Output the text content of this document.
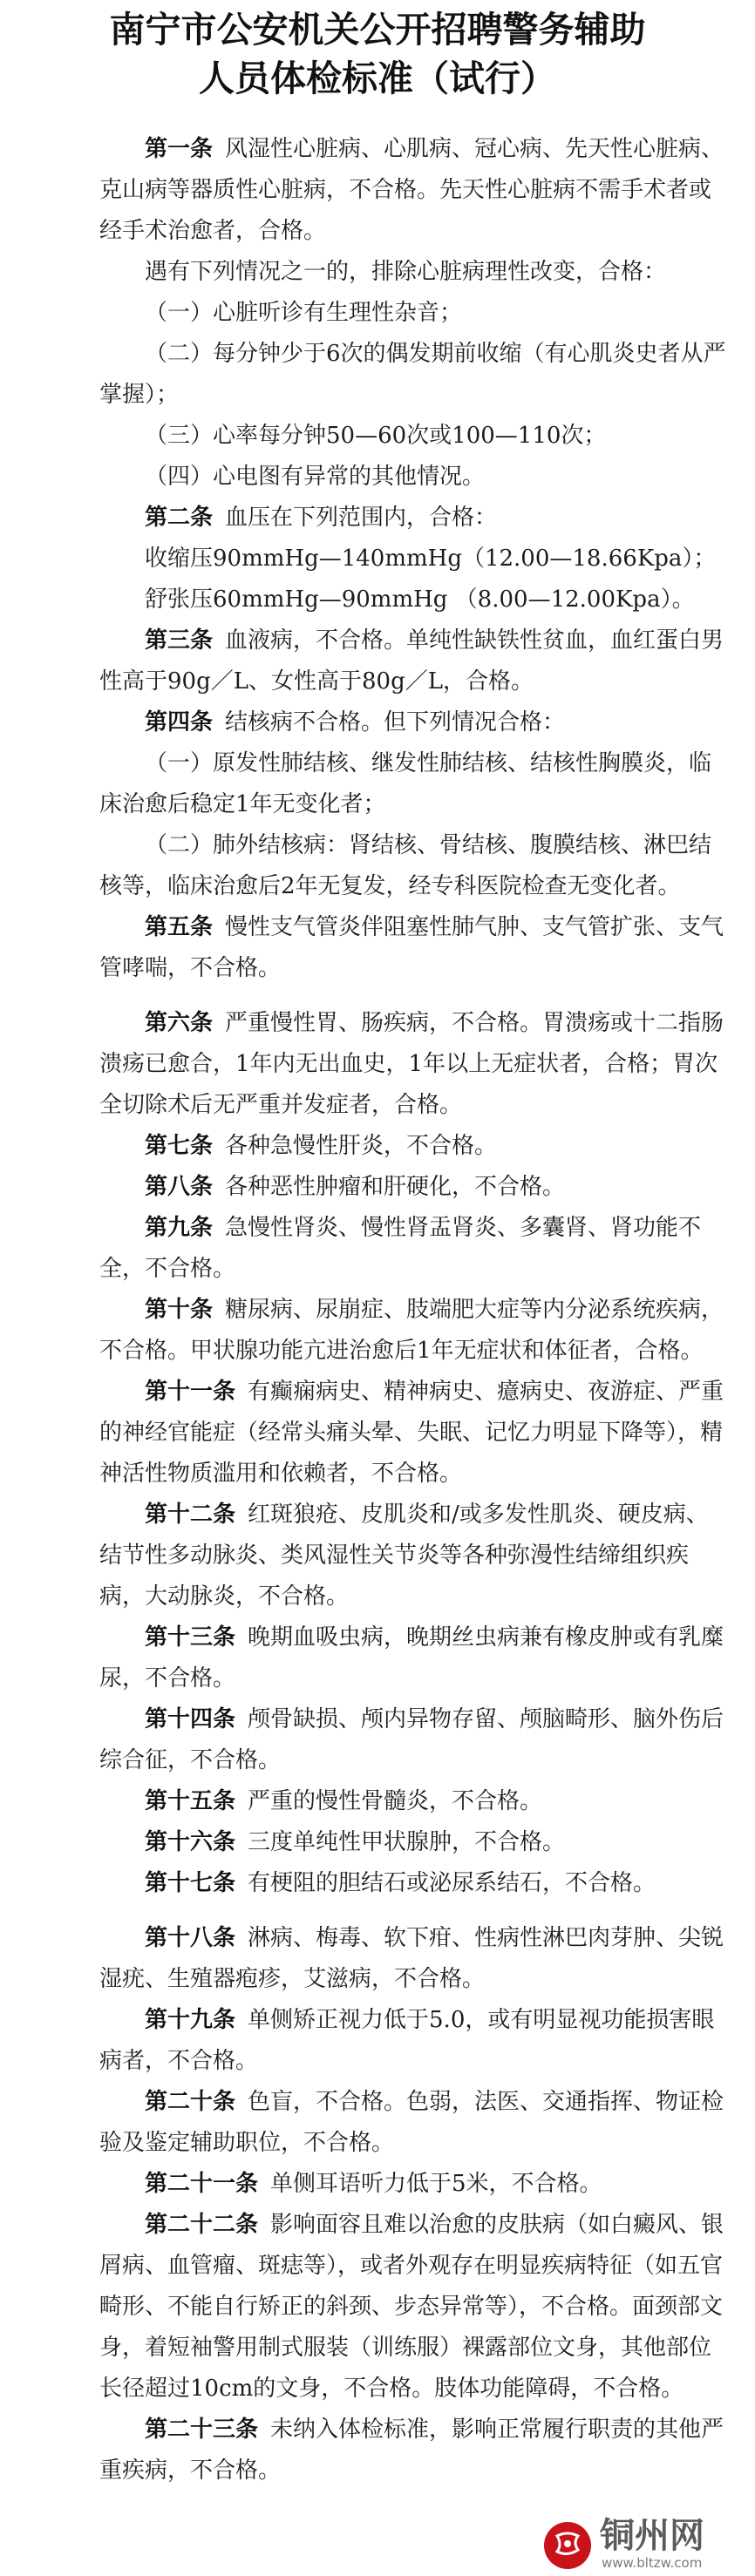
南宁市公安机关公开招聘警务辅助
人员体检标准（试行）

第一条 风湿性心脏病、心肌病、冠心病、先天性心脏病、克山病等器质性心脏病，不合格。先天性心脏病不需手术者或经手术治愈者，合格。

遇有下列情况之一的，排除心脏病理性改变，合格：

（一）心脏听诊有生理性杂音；

（二）每分钟少于6次的偶发期前收缩（有心肌炎史者从严掌握）；

（三）心率每分钟50—60次或100—110次；

（四）心电图有异常的其他情况。

第二条 血压在下列范围内，合格：

收缩压90mmHg—140mmHg（12.00—18.66Kpa）；

舒张压60mmHg—90mmHg （8.00—12.00Kpa）。

第三条 血液病，不合格。单纯性缺铁性贫血，血红蛋白男性高于90g／L、女性高于80g／L，合格。

第四条 结核病不合格。但下列情况合格：

（一）原发性肺结核、继发性肺结核、结核性胸膜炎，临床治愈后稳定1年无变化者；

（二）肺外结核病：肾结核、骨结核、腹膜结核、淋巴结核等，临床治愈后2年无复发，经专科医院检查无变化者。

第五条 慢性支气管炎伴阻塞性肺气肿、支气管扩张、支气管哮喘，不合格。

第六条 严重慢性胃、肠疾病，不合格。胃溃疡或十二指肠溃疡已愈合，1年内无出血史，1年以上无症状者，合格；胃次全切除术后无严重并发症者，合格。

第七条 各种急慢性肝炎，不合格。

第八条 各种恶性肿瘤和肝硬化，不合格。

第九条 急慢性肾炎、慢性肾盂肾炎、多囊肾、肾功能不全，不合格。

第十条 糖尿病、尿崩症、肢端肥大症等内分泌系统疾病，不合格。甲状腺功能亢进治愈后1年无症状和体征者，合格。

第十一条 有癫痫病史、精神病史、癔病史、夜游症、严重的神经官能症（经常头痛头晕、失眠、记忆力明显下降等），精神活性物质滥用和依赖者，不合格。

第十二条 红斑狼疮、皮肌炎和/或多发性肌炎、硬皮病、结节性多动脉炎、类风湿性关节炎等各种弥漫性结缔组织疾病，大动脉炎，不合格。

第十三条 晚期血吸虫病，晚期丝虫病兼有橡皮肿或有乳糜尿，不合格。

第十四条 颅骨缺损、颅内异物存留、颅脑畸形、脑外伤后综合征，不合格。

第十五条 严重的慢性骨髓炎，不合格。

第十六条 三度单纯性甲状腺肿，不合格。

第十七条 有梗阻的胆结石或泌尿系结石，不合格。

第十八条 淋病、梅毒、软下疳、性病性淋巴肉芽肿、尖锐湿疣、生殖器疱疹，艾滋病，不合格。

第十九条 单侧矫正视力低于5.0，或有明显视功能损害眼病者，不合格。

第二十条 色盲，不合格。色弱，法医、交通指挥、物证检验及鉴定辅助职位，不合格。

第二十一条 单侧耳语听力低于5米，不合格。

第二十二条 影响面容且难以治愈的皮肤病（如白癜风、银屑病、血管瘤、斑痣等），或者外观存在明显疾病特征（如五官畸形、不能自行矫正的斜颈、步态异常等），不合格。面颈部文身，着短袖警用制式服装（训练服）裸露部位文身，其他部位长径超过10cm的文身，不合格。肢体功能障碍，不合格。

第二十三条 未纳入体检标准，影响正常履行职责的其他严重疾病，不合格。

铜州网
www.bltzw.com
